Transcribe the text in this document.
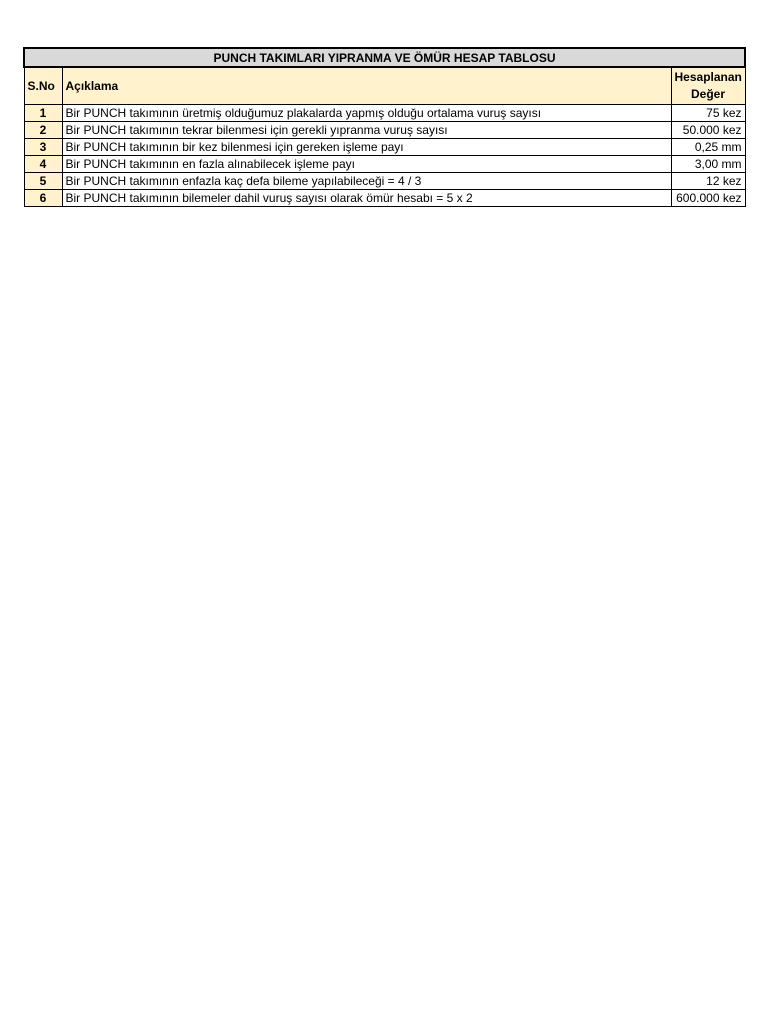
PUNCH TAKIMLARI YIPRANMA VE ÖMÜR HESAP TABLOSU		
S.No	Açıklama	Hesaplanan
Değer

1	Bir PUNCH takımının üretmiş olduğumuz plakalarda yapmış olduğu ortalama vuruş sayısı	75 kez
2	Bir PUNCH takımının tekrar bilenmesi için gerekli yıpranma vuruş sayısı	50.000 kez
3	Bir PUNCH takımının bir kez bilenmesi için gereken işleme payı	0,25 mm
4	Bir PUNCH takımının en fazla alınabilecek işleme payı	3,00 mm
5	Bir PUNCH takımının enfazla kaç defa bileme yapılabileceği = 4 / 3	12 kez
6	Bir PUNCH takımının bilemeler dahil vuruş sayısı olarak ömür hesabı = 5 x 2	600.000 kez
